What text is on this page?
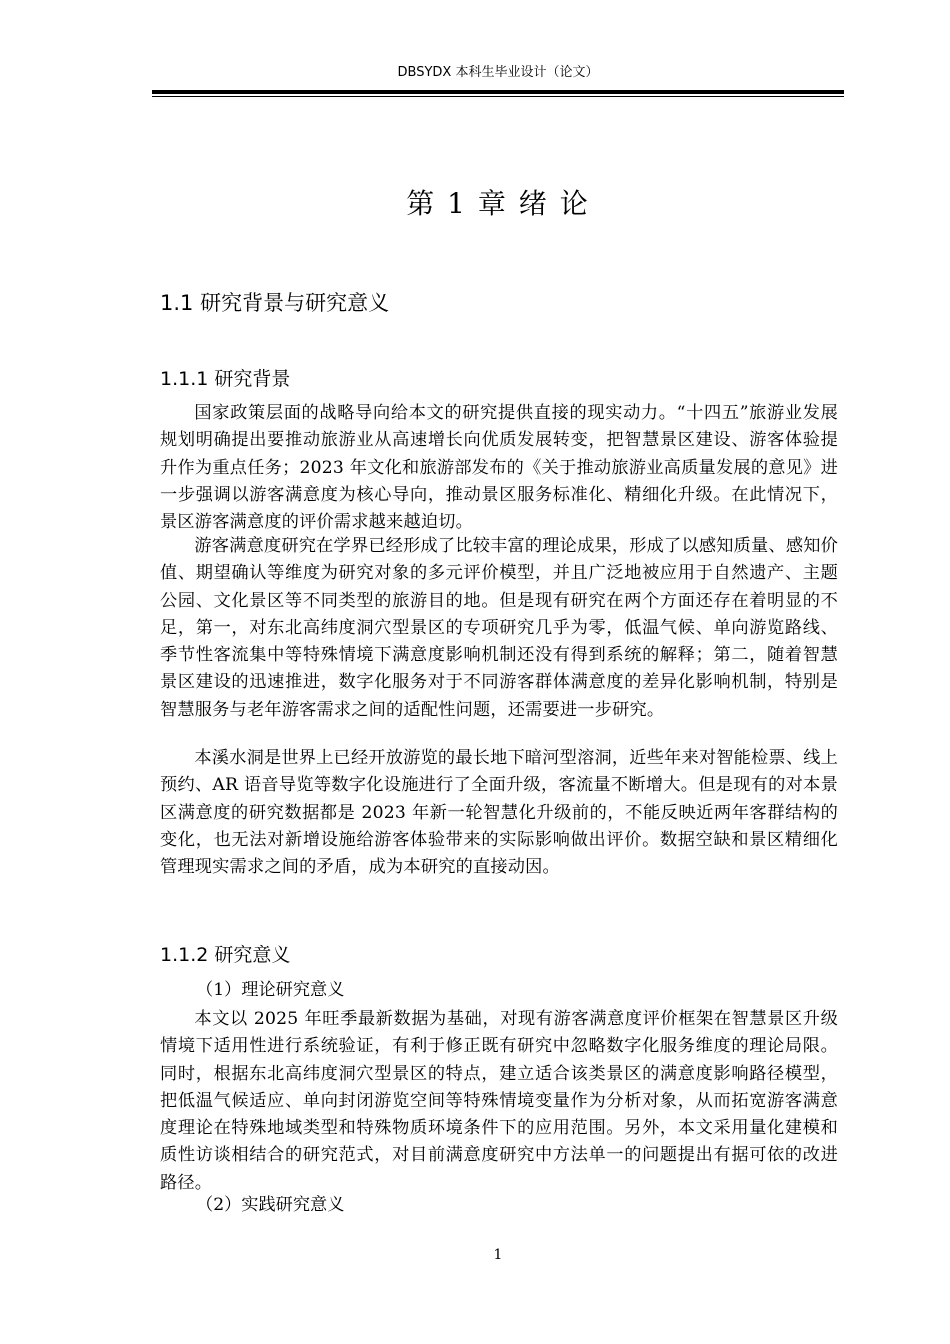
DBSYDX 本科生毕业设计（论文）
第 1 章 绪 论
1.1 研究背景与研究意义
1.1.1 研究背景

国家政策层面的战略导向给本文的研究提供直接的现实动力。“十四五”旅游业发展规划明确提出要推动旅游业从高速增长向优质发展转变，把智慧景区建设、游客体验提升作为重点任务；2023 年文化和旅游部发布的《关于推动旅游业高质量发展的意见》进一步强调以游客满意度为核心导向，推动景区服务标准化、精细化升级。在此情况下，景区游客满意度的评价需求越来越迫切。

游客满意度研究在学界已经形成了比较丰富的理论成果，形成了以感知质量、感知价值、期望确认等维度为研究对象的多元评价模型，并且广泛地被应用于自然遗产、主题公园、文化景区等不同类型的旅游目的地。但是现有研究在两个方面还存在着明显的不足，第一，对东北高纬度洞穴型景区的专项研究几乎为零，低温气候、单向游览路线、季节性客流集中等特殊情境下满意度影响机制还没有得到系统的解释；第二，随着智慧景区建设的迅速推进，数字化服务对于不同游客群体满意度的差异化影响机制，特别是智慧服务与老年游客需求之间的适配性问题，还需要进一步研究。

本溪水洞是世界上已经开放游览的最长地下暗河型溶洞，近些年来对智能检票、线上预约、AR 语音导览等数字化设施进行了全面升级，客流量不断增大。但是现有的对本景区满意度的研究数据都是 2023 年新一轮智慧化升级前的，不能反映近两年客群结构的变化，也无法对新增设施给游客体验带来的实际影响做出评价。数据空缺和景区精细化管理现实需求之间的矛盾，成为本研究的直接动因。

1.1.2 研究意义
（1）理论研究意义

本文以 2025 年旺季最新数据为基础，对现有游客满意度评价框架在智慧景区升级情境下适用性进行系统验证，有利于修正既有研究中忽略数字化服务维度的理论局限。同时，根据东北高纬度洞穴型景区的特点，建立适合该类景区的满意度影响路径模型，把低温气候适应、单向封闭游览空间等特殊情境变量作为分析对象，从而拓宽游客满意度理论在特殊地域类型和特殊物质环境条件下的应用范围。另外，本文采用量化建模和质性访谈相结合的研究范式，对目前满意度研究中方法单一的问题提出有据可依的改进路径。

（2）实践研究意义
1
